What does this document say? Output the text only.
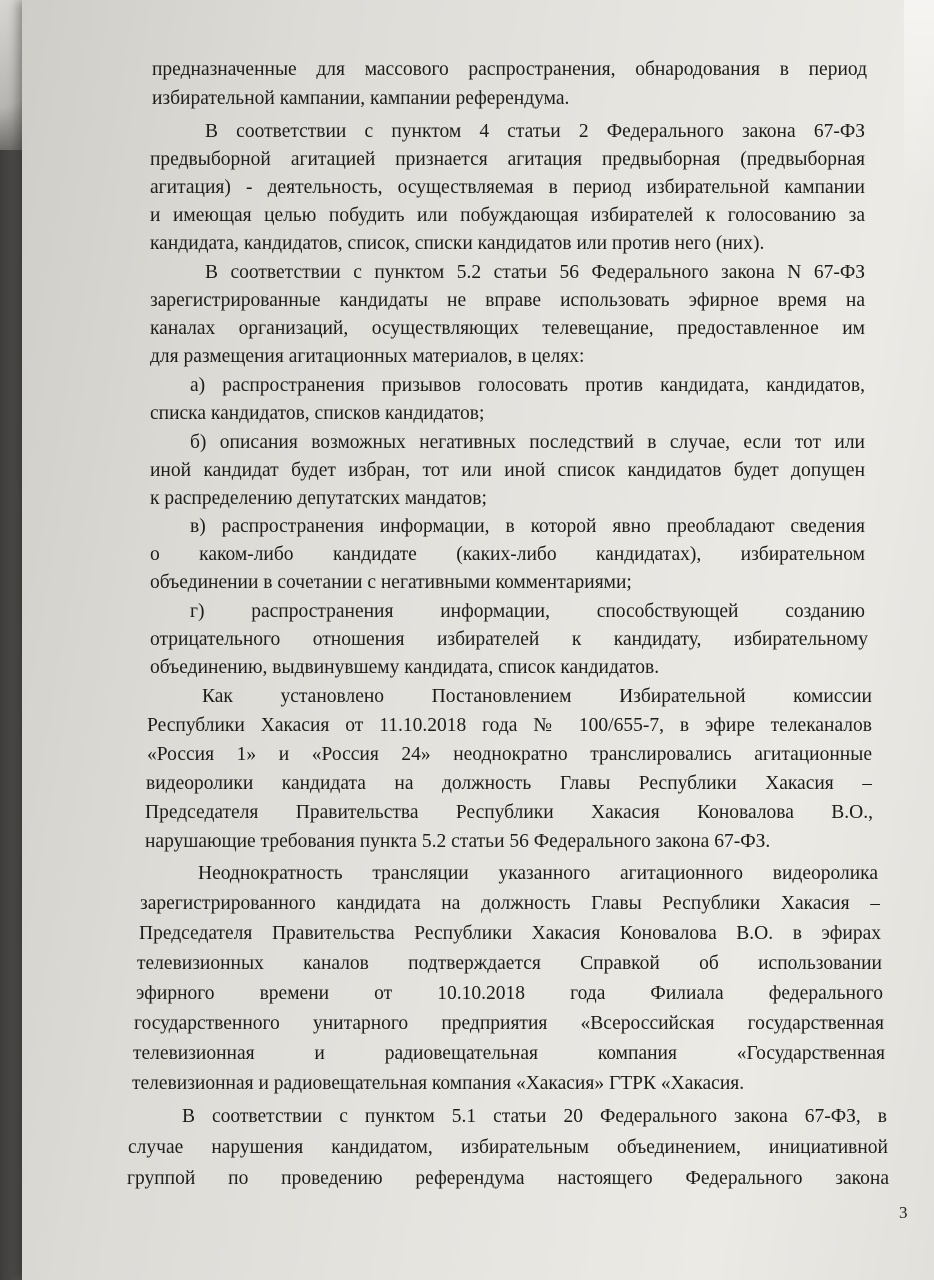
3
предназначенные для массового распространения, обнародования в период
избирательной кампании, кампании референдума.
В соответствии с пунктом 4 статьи 2 Федерального закона 67-ФЗ
предвыборной агитацией признается агитация предвыборная (предвыборная
агитация) - деятельность, осуществляемая в период избирательной кампании
и имеющая целью побудить или побуждающая избирателей к голосованию за
кандидата, кандидатов, список, списки кандидатов или против него (них).
В соответствии с пунктом 5.2 статьи 56 Федерального закона N 67-ФЗ
зарегистрированные кандидаты не вправе использовать эфирное время на
каналах организаций, осуществляющих телевещание, предоставленное им
для размещения агитационных материалов, в целях:
а) распространения призывов голосовать против кандидата, кандидатов,
списка кандидатов, списков кандидатов;
б) описания возможных негативных последствий в случае, если тот или
иной кандидат будет избран, тот или иной список кандидатов будет допущен
к распределению депутатских мандатов;
в) распространения информации, в которой явно преобладают сведения
о каком-либо кандидате (каких-либо кандидатах), избирательном
объединении в сочетании с негативными комментариями;
г) распространения информации, способствующей созданию
отрицательного отношения избирателей к кандидату, избирательному
объединению, выдвинувшему кандидата, список кандидатов.
Как установлено Постановлением Избирательной комиссии
Республики Хакасия от 11.10.2018 года № 100/655-7, в эфире телеканалов
«Россия 1» и «Россия 24» неоднократно транслировались агитационные
видеоролики кандидата на должность Главы Республики Хакасия –
Председателя Правительства Республики Хакасия Коновалова В.О.,
нарушающие требования пункта 5.2 статьи 56 Федерального закона 67-ФЗ.
Неоднократность трансляции указанного агитационного видеоролика
зарегистрированного кандидата на должность Главы Республики Хакасия –
Председателя Правительства Республики Хакасия Коновалова В.О. в эфирах
телевизионных каналов подтверждается Справкой об использовании
эфирного времени от 10.10.2018 года Филиала федерального
государственного унитарного предприятия «Всероссийская государственная
телевизионная и радиовещательная компания «Государственная
телевизионная и радиовещательная компания «Хакасия» ГТРК «Хакасия.
В соответствии с пунктом 5.1 статьи 20 Федерального закона 67-ФЗ, в
случае нарушения кандидатом, избирательным объединением, инициативной
группой по проведению референдума настоящего Федерального закона
